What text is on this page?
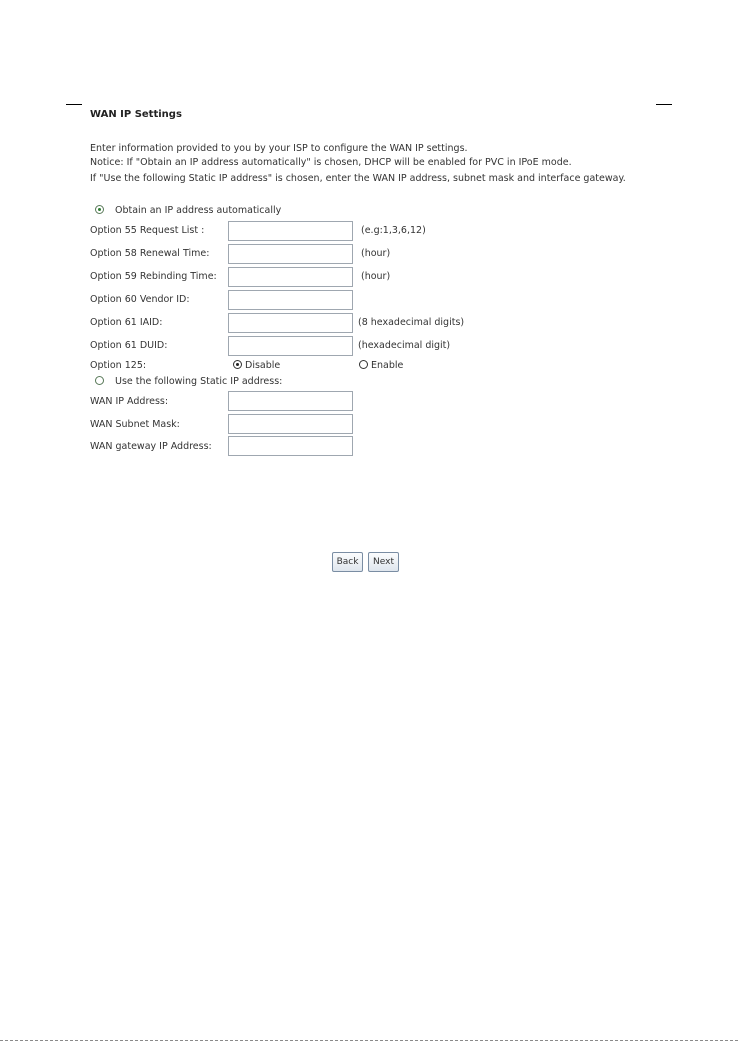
WAN IP Settings
Enter information provided to you by your ISP to configure the WAN IP settings.
Notice: If "Obtain an IP address automatically" is chosen, DHCP will be enabled for PVC in IPoE mode.
If "Use the following Static IP address" is chosen, enter the WAN IP address, subnet mask and interface gateway.
Obtain an IP address automatically
Option 55 Request List :	(e.g:1,3,6,12)
Option 58 Renewal Time:	(hour)
Option 59 Rebinding Time:	(hour)
Option 60 Vendor ID:
Option 61 IAID:	(8 hexadecimal digits)
Option 61 DUID:	(hexadecimal digit)
Option 125:	Disable	Enable
Use the following Static IP address:
WAN IP Address:
WAN Subnet Mask:
WAN gateway IP Address:
Back	Next
